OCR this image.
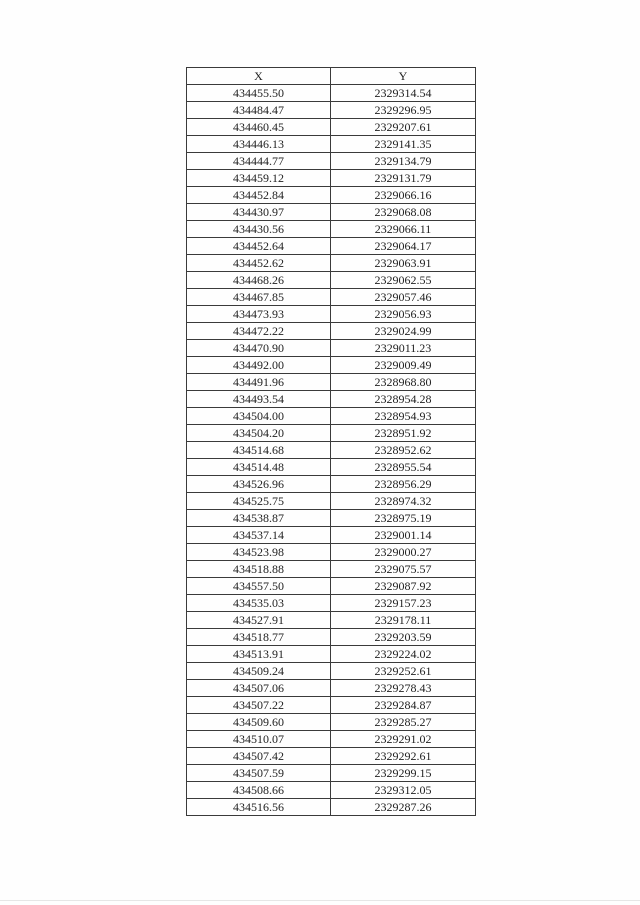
X	Y
434455.50	2329314.54
434484.47	2329296.95
434460.45	2329207.61
434446.13	2329141.35
434444.77	2329134.79
434459.12	2329131.79
434452.84	2329066.16
434430.97	2329068.08
434430.56	2329066.11
434452.64	2329064.17
434452.62	2329063.91
434468.26	2329062.55
434467.85	2329057.46
434473.93	2329056.93
434472.22	2329024.99
434470.90	2329011.23
434492.00	2329009.49
434491.96	2328968.80
434493.54	2328954.28
434504.00	2328954.93
434504.20	2328951.92
434514.68	2328952.62
434514.48	2328955.54
434526.96	2328956.29
434525.75	2328974.32
434538.87	2328975.19
434537.14	2329001.14
434523.98	2329000.27
434518.88	2329075.57
434557.50	2329087.92
434535.03	2329157.23
434527.91	2329178.11
434518.77	2329203.59
434513.91	2329224.02
434509.24	2329252.61
434507.06	2329278.43
434507.22	2329284.87
434509.60	2329285.27
434510.07	2329291.02
434507.42	2329292.61
434507.59	2329299.15
434508.66	2329312.05
434516.56	2329287.26
